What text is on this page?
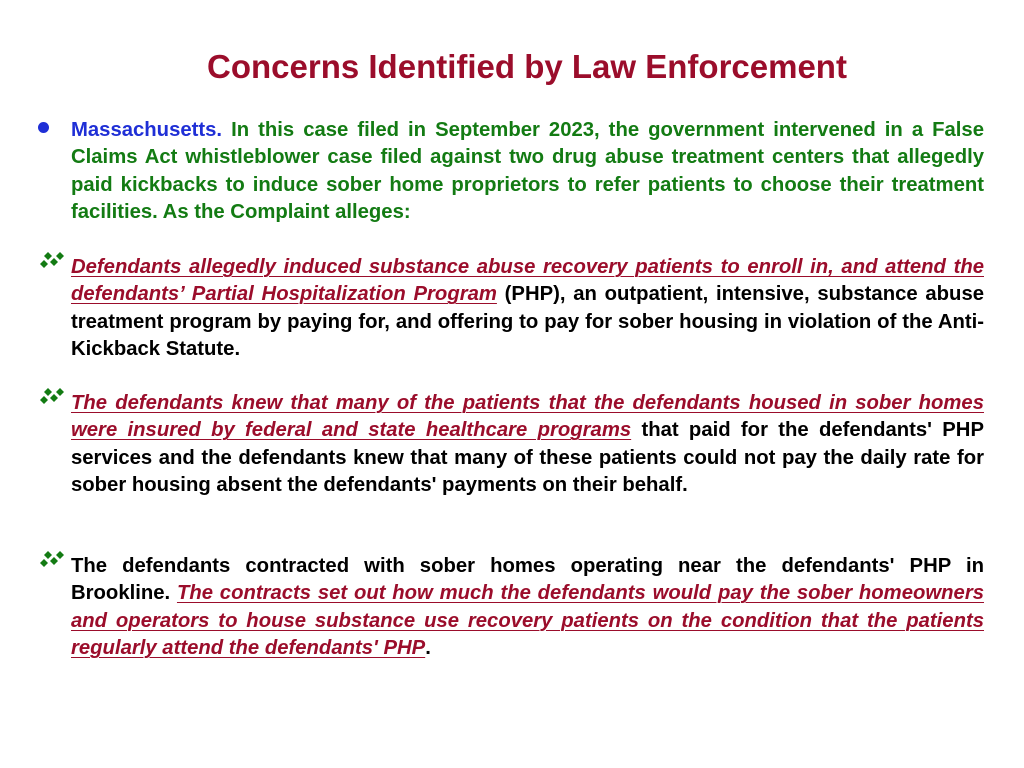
Concerns Identified by Law Enforcement
Massachusetts. In this case filed in September 2023, the government intervened in a False Claims Act whistleblower case filed against two drug abuse treatment centers that allegedly paid kickbacks to induce sober home proprietors to refer patients to choose their treatment facilities. As the Complaint alleges:
Defendants allegedly induced substance abuse recovery patients to enroll in, and attend the defendants’ Partial Hospitalization Program (PHP), an outpatient, intensive, substance abuse treatment program by paying for, and offering to pay for sober housing in violation of the Anti-Kickback Statute.
The defendants knew that many of the patients that the defendants housed in sober homes were insured by federal and state healthcare programs that paid for the defendants' PHP services and the defendants knew that many of these patients could not pay the daily rate for sober housing absent the defendants' payments on their behalf.
The defendants contracted with sober homes operating near the defendants' PHP in Brookline. The contracts set out how much the defendants would pay the sober homeowners and operators to house substance use recovery patients on the condition that the patients regularly attend the defendants' PHP.
